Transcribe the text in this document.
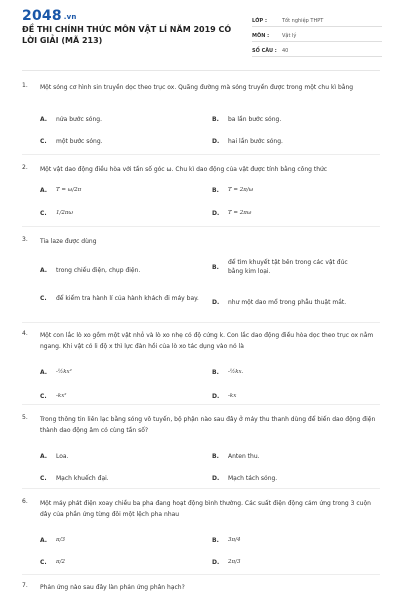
2048 .vn
ĐỀ THI CHÍNH THỨC MÔN VẬT LÍ NĂM 2019 CÓ LỜI GIẢI (MÃ 213)
LỚP :	Tốt nghiệp THPT
MÔN :	Vật lý
SỐ CÂU :	40
1. Một sóng cơ hình sin truyền dọc theo trục ox. Quãng đường mà sóng truyền được trong một chu kì bằng
A.	nửa bước sóng.	B.	ba lần bước sóng.
C.	một bước sóng.	D.	hai lần bước sóng.
2. Một vật dao động điều hòa với tần số góc ω. Chu kì dao động của vật được tính bằng công thức
A.	T = ω/2π	B.	T = 2π/ω
C.	1/2πω	D.	T = 2πω
3. Tia laze được dùng
A.	trong chiếu điện, chụp điện.	B.
để tìm khuyết tật bên trong các vật đúc bằng kim loại.
C.	để kiểm tra hành lí của hành khách đi máy bay.
D.	như một dao mổ trong phẫu thuật mắt.
4. Một con lắc lò xo gồm một vật nhỏ và lò xo nhẹ có độ cứng k. Con lắc dao động điều hòa dọc theo trục ox nằm ngang. Khi vật có li độ x thì lực đàn hồi của lò xo tác dụng vào nó là
A.	-½kx²	B.	-½kx.
C.	-kx²	D.	-kx
5. Trong thông tin liên lạc bằng sóng vô tuyến, bộ phận nào sau đây ở máy thu thanh dùng để biến dao động điện thành dao động âm có cùng tần số?
A.	Loa.	B.	Anten thu.
C.	Mạch khuếch đại.	D.	Mạch tách sóng.
6. Một máy phát điện xoay chiều ba pha đang hoạt động bình thường. Các suất điện động cảm ứng trong 3 cuộn dây của phần ứng từng đôi một lệch pha nhau
A.	π/3	B.	3π/4
C.	π/2	D.	2π/3
7. Phản ứng nào sau đây làn phản ứng phân hạch?
